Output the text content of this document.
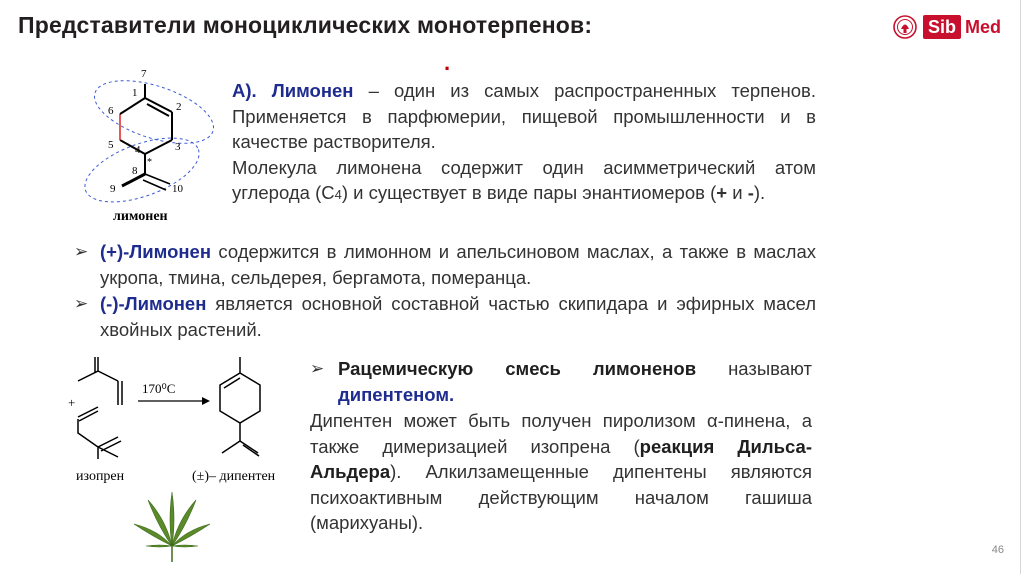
Представители моноциклических монотерпенов:	Sib Med
.
7
1
2
6
5 4	3
*
8
9	10
лимонен

А). Лимонен – один из самых распространенных терпенов. Применяется в парфюмерии, пищевой промышленности и в качестве растворителя.

Молекула лимонена содержит один асимметрический атом углерода (С4) и существует в виде пары энантиомеров (+ и -).

➢ (+)-Лимонен содержится в лимонном и апельсиновом маслах, а также в маслах укропа, тмина, сельдерея, бергамота, померанца.
➢ (-)-Лимонен является основной составной частью скипидара и эфирных масел хвойных растений.
+
170⁰С
изопрен	(±)– дипентен
➢ Рацемическую смесь лимоненов называют дипентеном.

Дипентен может быть получен пиролизом α-пинена, а также димеризацией изопрена (реакция Дильса-Альдера). Алкилзамещенные дипентены являются психоактивным действующим началом гашиша (марихуаны).

46
